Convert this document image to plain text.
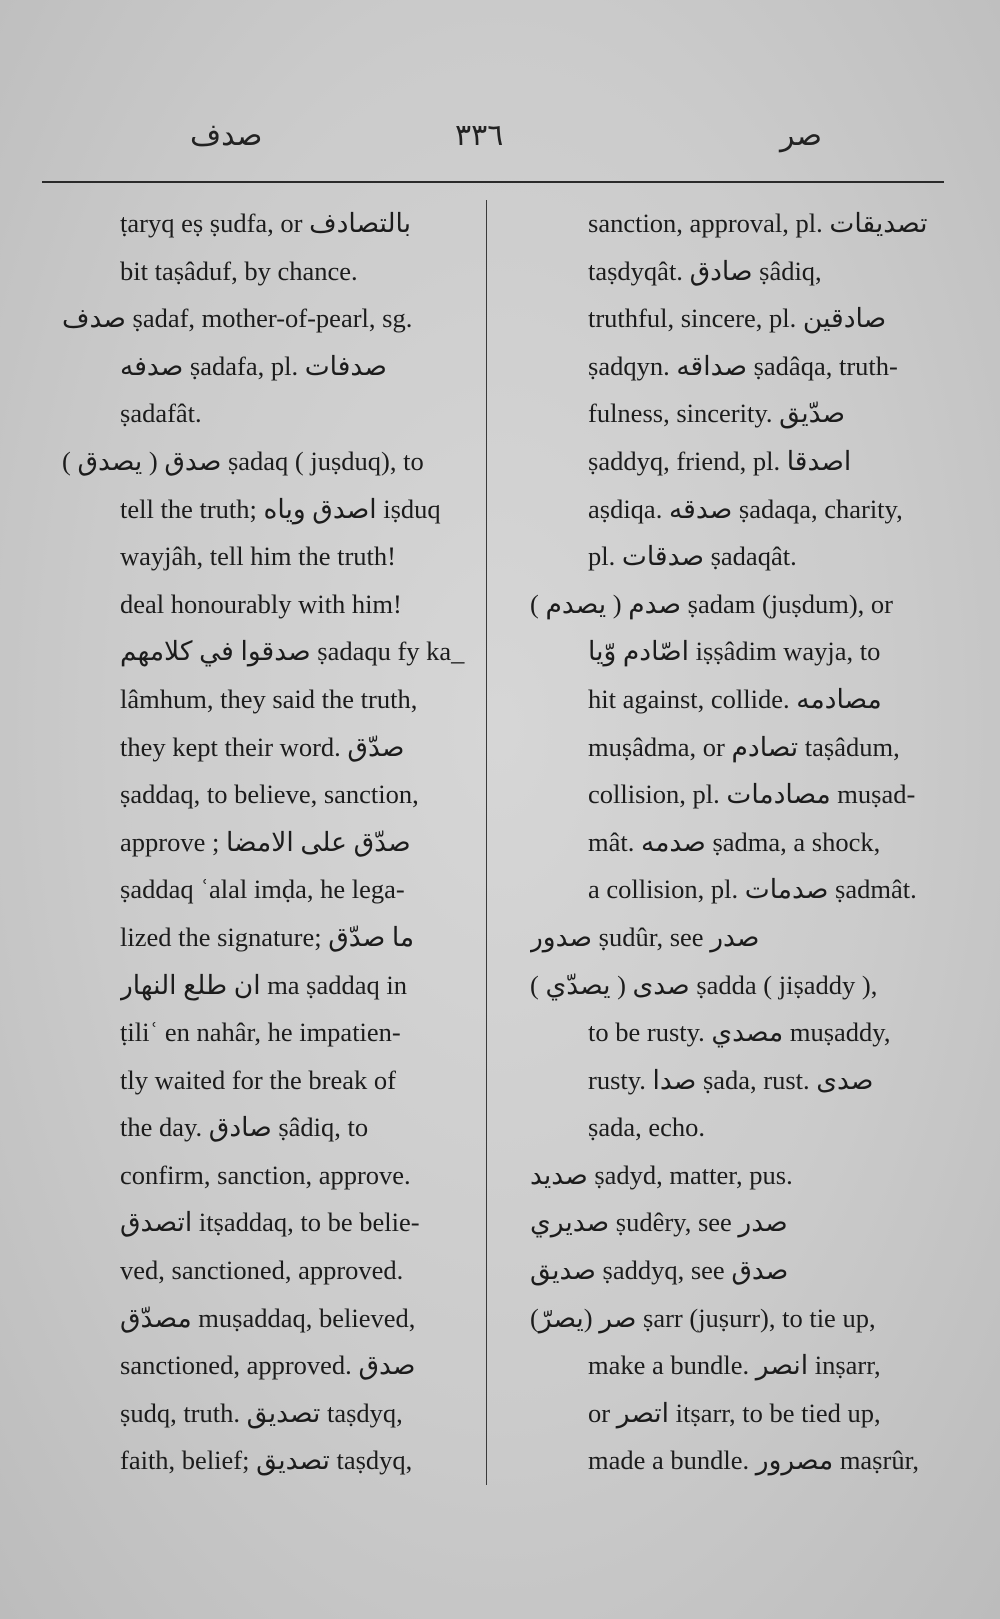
صدف	۳۳٦	صر
ṭaryq eṣ ṣudfa, or بالتصادف
bit taṣâduf, by chance.
صدف ṣadaf, mother-of-pearl, sg.
صدفه ṣadafa, pl. صدفات
ṣadafât.
صدق ( يصدق ) ṣadaq ( juṣduq), to
tell the truth; اصدق وياه iṣduq
wayjâh, tell him the truth!
deal honourably with him!
صدقوا في كلامهم ṣadaqu fy ka_
lâmhum, they said the truth,
they kept their word. صدّق
ṣaddaq, to believe, sanction,
approve ; صدّق على الامضا
ṣaddaq ʿalal imḍa, he lega-
lized the signature; ما صدّق
ان طلع النهار ma ṣaddaq in
ṭiliʿ en nahâr, he impatien-
tly waited for the break of
the day. صادق ṣâdiq, to
confirm, sanction, approve.
اتصدق itṣaddaq, to be belie-
ved, sanctioned, approved.
مصدّق muṣaddaq, believed,
sanctioned, approved. صدق
ṣudq, truth. تصديق taṣdyq,
faith, belief; تصديق taṣdyq,
sanction, approval, pl. تصديقات
taṣdyqât. صادق ṣâdiq,
truthful, sincere, pl. صادقين
ṣadqyn. صداقه ṣadâqa, truth-
fulness, sincerity. صدّيق
ṣaddyq, friend, pl. اصدقا
aṣdiqa. صدقه ṣadaqa, charity,
pl. صدقات ṣadaqât.
صدم ( يصدم ) ṣadam (juṣdum), or
اصّادم وّيا iṣṣâdim wayja, to
hit against, collide. مصادمه
muṣâdma, or تصادم taṣâdum,
collision, pl. مصادمات muṣad-
mât. صدمه ṣadma, a shock,
a collision, pl. صدمات ṣadmât.
صدور ṣudûr, see صدر
صدى ( يصدّي ) ṣadda ( jiṣaddy ),
to be rusty. مصدي muṣaddy,
rusty. صدا ṣada, rust. صدى
ṣada, echo.
صديد ṣadyd, matter, pus.
صديري ṣudêry, see صدر
صديق ṣaddyq, see صدق
صر (يصرّ) ṣarr (juṣurr), to tie up,
make a bundle. انصر inṣarr,
or اتصر itṣarr, to be tied up,
made a bundle. مصرور maṣrûr,
